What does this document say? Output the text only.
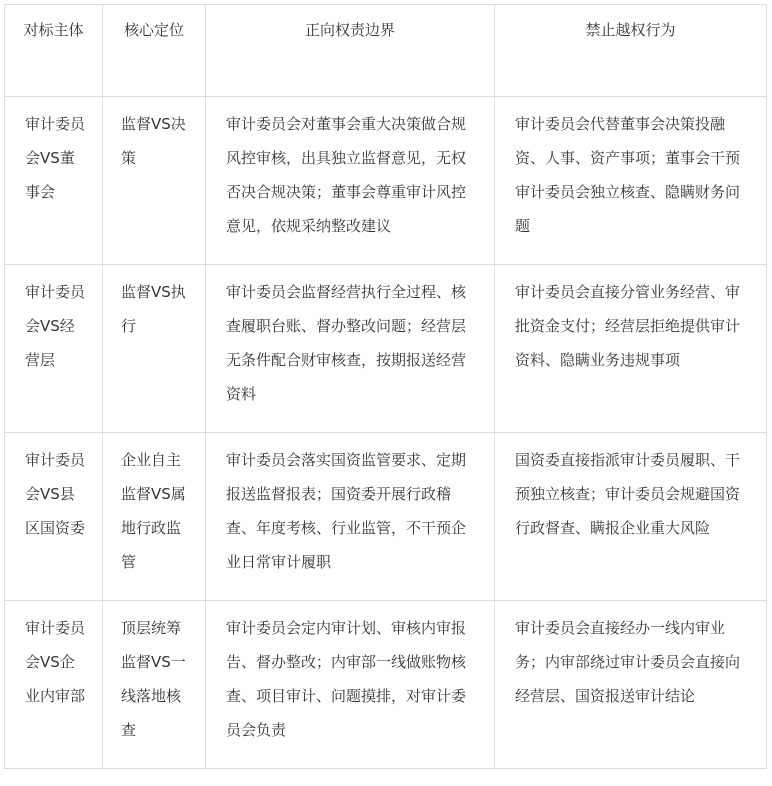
对标主体	核心定位	正向权责边界	禁止越权行为
审计委员会VS董事会	监督VS决策	审计委员会对董事会重大决策做合规风控审核，出具独立监督意见，无权否决合规决策；董事会尊重审计风控意见，依规采纳整改建议	审计委员会代替董事会决策投融资、人事、资产事项；董事会干预审计委员会独立核查、隐瞒财务问题
审计委员会VS经营层	监督VS执行	审计委员会监督经营执行全过程、核查履职台账、督办整改问题；经营层无条件配合财审核查，按期报送经营资料	审计委员会直接分管业务经营、审批资金支付；经营层拒绝提供审计资料、隐瞒业务违规事项
审计委员会VS县区国资委	企业自主监督VS属地行政监管	审计委员会落实国资监管要求、定期报送监督报表；国资委开展行政稽查、年度考核、行业监管，不干预企业日常审计履职	国资委直接指派审计委员履职、干预独立核查；审计委员会规避国资行政督查、瞒报企业重大风险
审计委员会VS企业内审部	顶层统筹监督VS一线落地核查	审计委员会定内审计划、审核内审报告、督办整改；内审部一线做账物核查、项目审计、问题摸排，对审计委员会负责	审计委员会直接经办一线内审业务；内审部绕过审计委员会直接向经营层、国资报送审计结论
